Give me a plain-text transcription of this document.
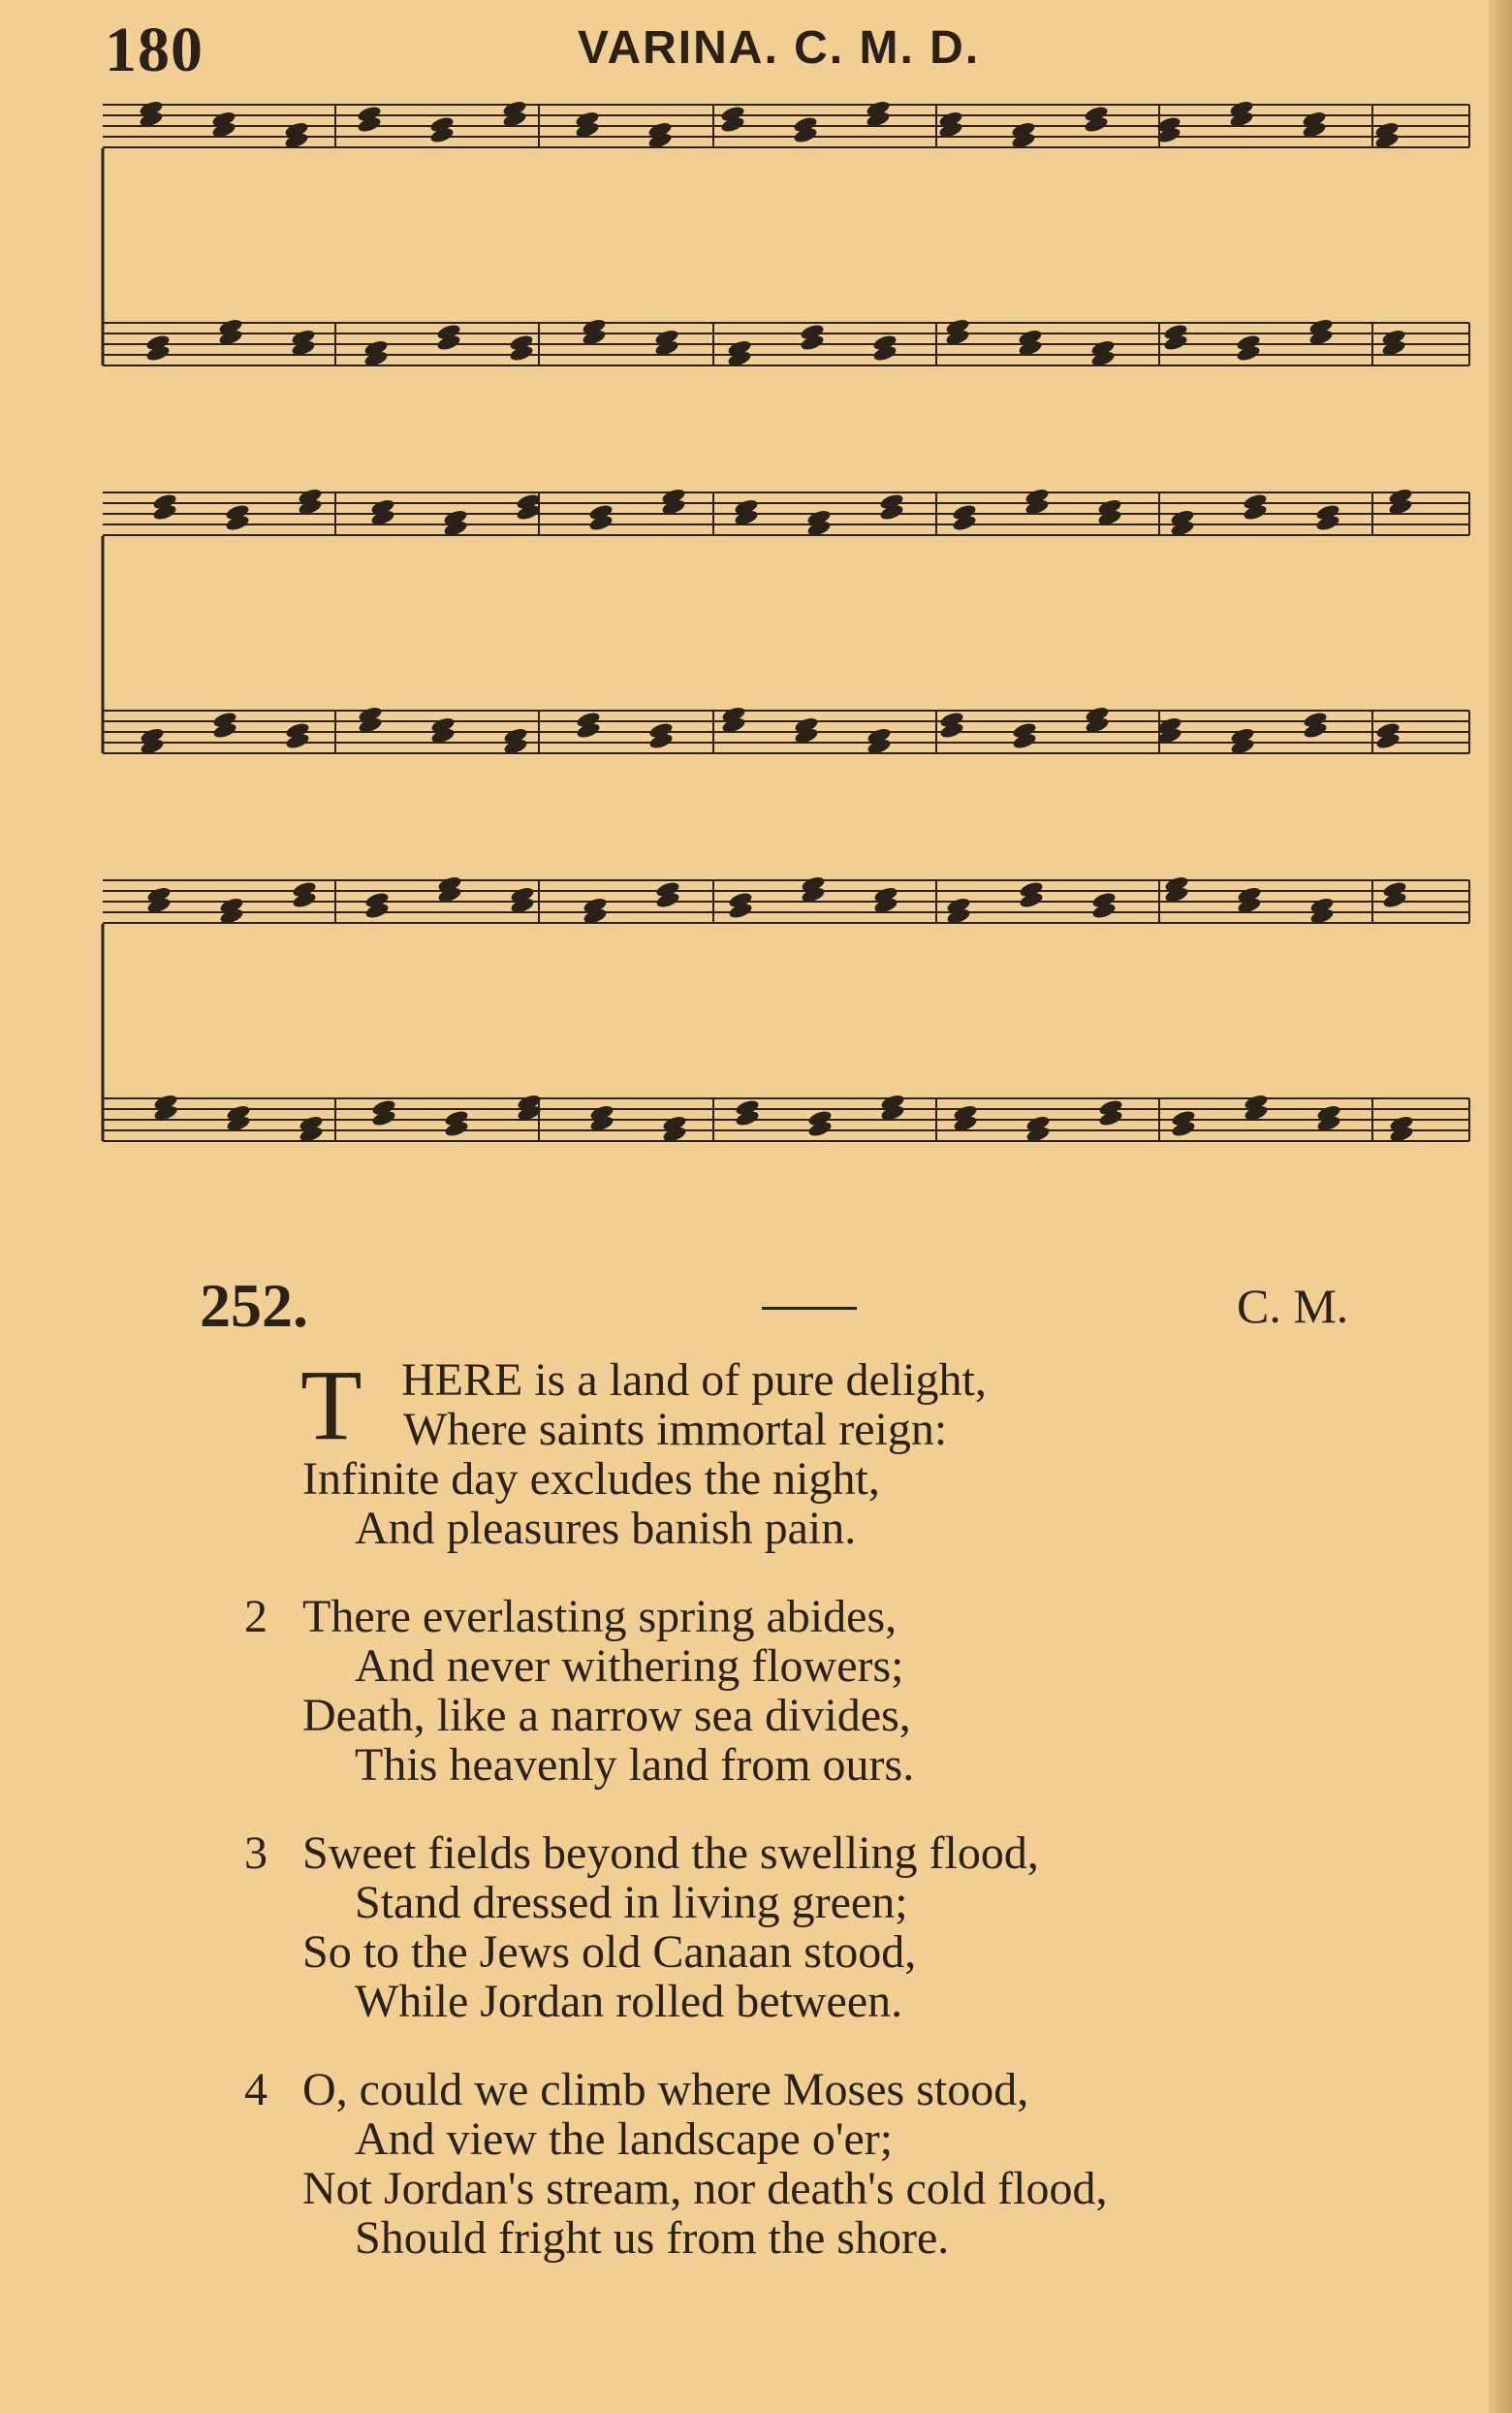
180	VARINA. C. M. D.
252.	C. M.
T HERE is a land of pure delight,
Where saints immortal reign:
Infinite day excludes the night,
And pleasures banish pain.
2 There everlasting spring abides,
And never withering flowers;
Death, like a narrow sea divides,
This heavenly land from ours.
3 Sweet fields beyond the swelling flood,
Stand dressed in living green;
So to the Jews old Canaan stood,
While Jordan rolled between.
4 O, could we climb where Moses stood,
And view the landscape o'er;
Not Jordan's stream, nor death's cold flood,
Should fright us from the shore.
